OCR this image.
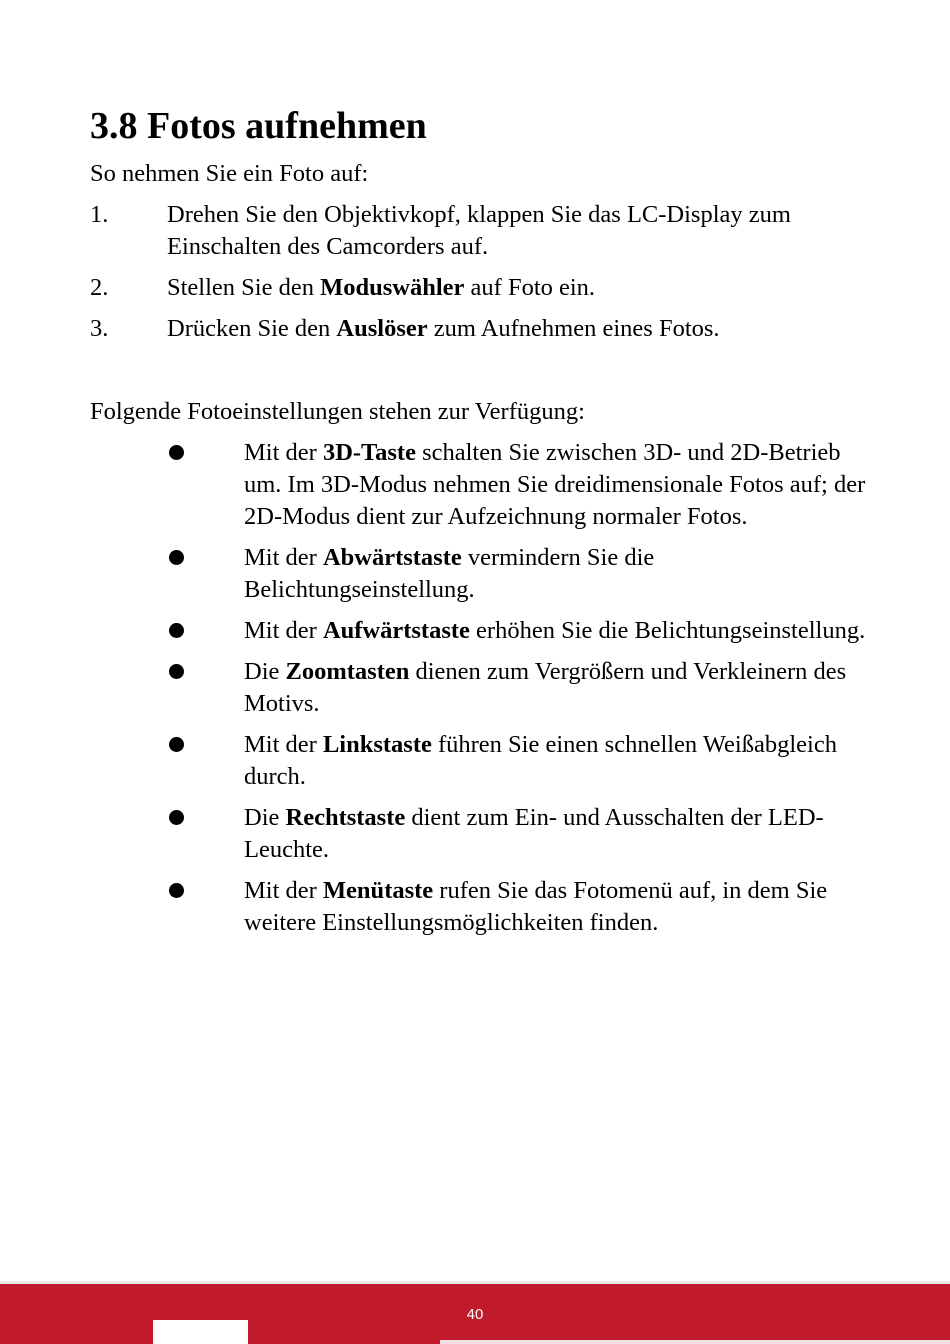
3.8 Fotos aufnehmen

So nehmen Sie ein Foto auf:

1.	Drehen Sie den Objektivkopf, klappen Sie das LC-Display zum Einschalten des Camcorders auf.
2.	Stellen Sie den Moduswähler auf Foto ein.
3.	Drücken Sie den Auslöser zum Aufnehmen eines Fotos.

Folgende Fotoeinstellungen stehen zur Verfügung:

Mit der 3D-Taste schalten Sie zwischen 3D- und 2D-Betrieb um. Im 3D-Modus nehmen Sie dreidimensionale Fotos auf; der 2D-Modus dient zur Aufzeichnung normaler Fotos.
Mit der Abwärtstaste vermindern Sie die Belichtungseinstellung.
Mit der Aufwärtstaste erhöhen Sie die Belichtungseinstellung.
Die Zoomtasten dienen zum Vergrößern und Verkleinern des Motivs.
Mit der Linkstaste führen Sie einen schnellen Weißabgleich durch.
Die Rechtstaste dient zum Ein- und Ausschalten der LED-Leuchte.
Mit der Menütaste rufen Sie das Fotomenü auf, in dem Sie weitere Einstellungsmöglichkeiten finden.
40
